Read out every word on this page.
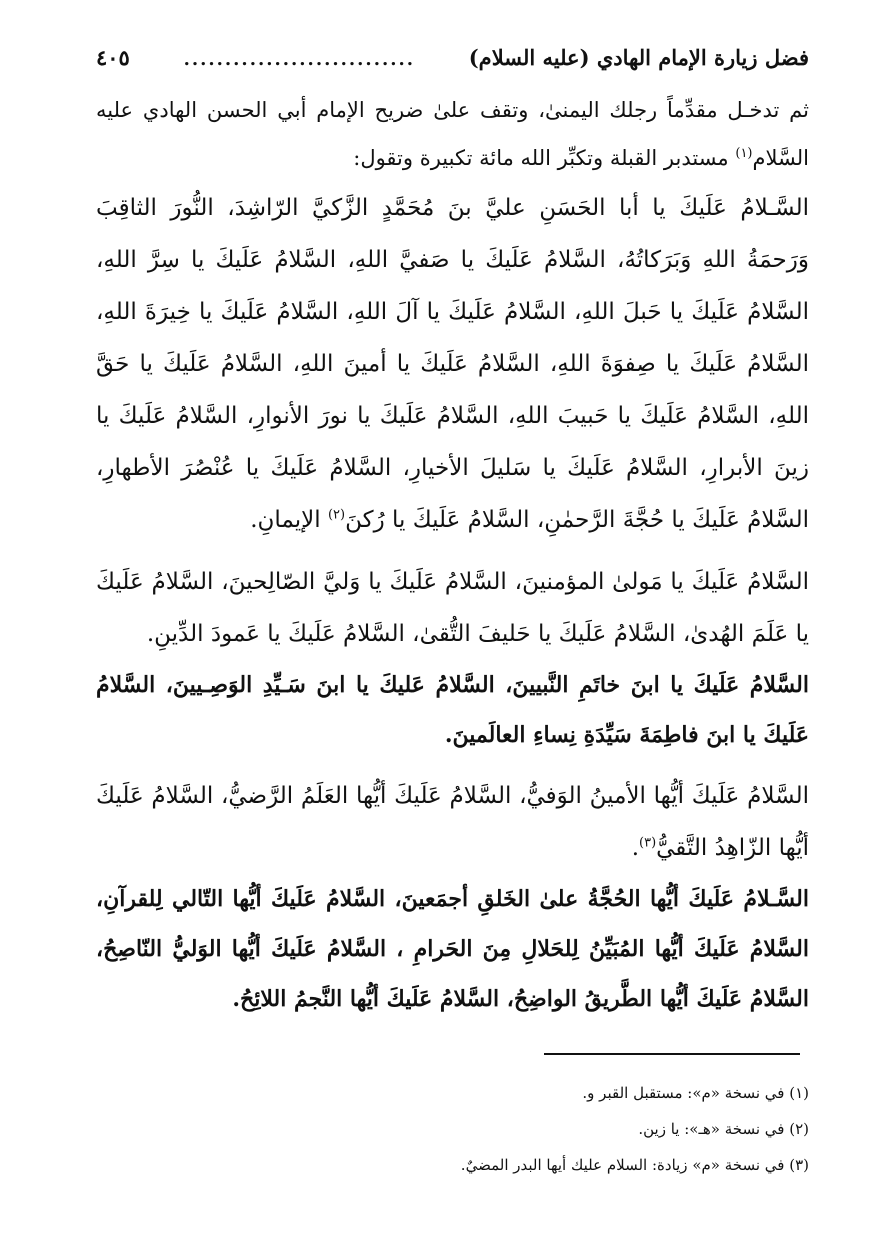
فضل زيارة الإمام الهادي (عليه السلام)
............................
٤٠٥

ثم تدخـل مقدِّماً رجلك اليمنىٰ، وتقف علىٰ ضريح الإمام أبي الحسن الهادي عليه السَّلام$^{(١)}$ مستدبر القبلة وتكبِّر الله مائة تكبيرة وتقول:

السَّـلامُ عَلَيكَ يا أبا الحَسَنِ عليَّ بنَ مُحَمَّدٍ الزَّكيَّ الرّاشِدَ، النُّورَ الثاقِبَ وَرَحمَةُ اللهِ وَبَرَكاتُهُ، السَّلامُ عَلَيكَ يا صَفيَّ اللهِ، السَّلامُ عَلَيكَ يا سِرَّ اللهِ، السَّلامُ عَلَيكَ يا حَبلَ اللهِ، السَّلامُ عَلَيكَ يا آلَ اللهِ، السَّلامُ عَلَيكَ يا خِيرَةَ اللهِ، السَّلامُ عَلَيكَ يا صِفوَةَ اللهِ، السَّلامُ عَلَيكَ يا أمينَ اللهِ، السَّلامُ عَلَيكَ يا حَقَّ اللهِ، السَّلامُ عَلَيكَ يا حَبيبَ اللهِ، السَّلامُ عَلَيكَ يا نورَ الأنوارِ، السَّلامُ عَلَيكَ يا زينَ الأبرارِ، السَّلامُ عَلَيكَ يا سَليلَ الأخيارِ، السَّلامُ عَلَيكَ يا عُنْصُرَ الأطهارِ، السَّلامُ عَلَيكَ يا حُجَّةَ الرَّحمٰنِ، السَّلامُ عَلَيكَ يا رُكنَ$^{(٢)}$ الإيمانِ.

السَّلامُ عَلَيكَ يا مَولىٰ المؤمنينَ، السَّلامُ عَلَيكَ يا وَليَّ الصّالِحينَ، السَّلامُ عَلَيكَ يا عَلَمَ الهُدىٰ، السَّلامُ عَلَيكَ يا حَليفَ التُّقىٰ، السَّلامُ عَلَيكَ يا عَمودَ الدِّينِ.

السَّلامُ عَلَيكَ يا ابنَ خاتَمِ النَّبيينَ، السَّلامُ عَليكَ يا ابنَ سَـيِّدِ الوَصِـيينَ، السَّلامُ عَلَيكَ يا ابنَ فاطِمَةَ سَيِّدَةِ نِساءِ العالَمينَ.

السَّلامُ عَلَيكَ أيُّها الأمينُ الوَفيُّ، السَّلامُ عَلَيكَ أيُّها العَلَمُ الرَّضيُّ، السَّلامُ عَلَيكَ أيُّها الزّاهِدُ التَّقيُّ$^{(٣)}$.

السَّـلامُ عَلَيكَ أيُّها الحُجَّةُ علىٰ الخَلقِ أجمَعينَ، السَّلامُ عَلَيكَ أيُّها التّالي لِلقرآنِ، السَّلامُ عَلَيكَ أيُّها المُبَيِّنُ لِلحَلالِ مِنَ الحَرامِ ، السَّلامُ عَلَيكَ أيُّها الوَليُّ النّاصِحُ، السَّلامُ عَلَيكَ أيُّها الطَّريقُ الواضِحُ، السَّلامُ عَلَيكَ أيُّها النَّجمُ اللائِحُ.

(١) في نسخة «م»: مستقبل القبر و.

(٢) في نسخة «هـ»: يا زين.

(٣) في نسخة «م» زيادة: السلام عليك أيها البدر المضيٌ.
